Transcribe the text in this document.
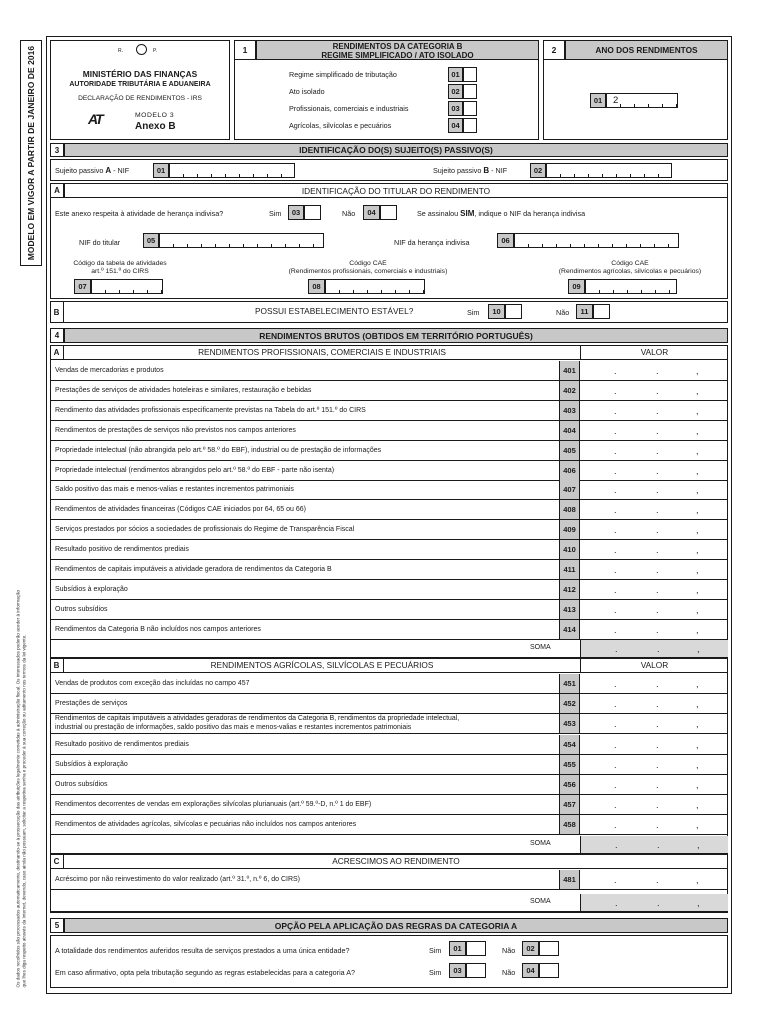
MODELO EM VIGOR A PARTIR DE JANEIRO DE 2016
Os dados recolhidos são processados automaticamente, destinando-se à prossecução das atribuições legalmente cometidas à administração fiscal. Os interessados poderão aceder à informação que lhes diga respeito através da Internet, devendo, caso ainda não possuam, solicitar a respetiva senha e proceder à sua correção ou aditamento nos termos da lei vigente.
R.	P.
MINISTÉRIO DAS FINANÇAS
AUTORIDADE TRIBUTÁRIA E ADUANEIRA
DECLARAÇÃO DE RENDIMENTOS - IRS
AT	MODELO 3
Anexo B
1	RENDIMENTOS DA CATEGORIA B
REGIME SIMPLIFICADO / ATO ISOLADO
Regime simplificado de tributação	01
Ato isolado	02
Profissionais, comerciais e industriais	03
Agrícolas, silvícolas e pecuários	04
2	ANO DOS RENDIMENTOS
01	2
3	IDENTIFICAÇÃO DO(S) SUJEITO(S) PASSIVO(S)
Sujeito passivo A - NIF	01	Sujeito passivo B - NIF	02
A	IDENTIFICAÇÃO DO TITULAR DO RENDIMENTO
Este anexo respeita à atividade de herança indivisa?	Sim	03	Não	04	Se assinalou SIM, indique o NIF da herança indivisa
NIF do titular	05	NIF da herança indivisa	06
Código da tabela de atividades
art.º 151.º do CIRS
07
Código CAE
(Rendimentos profissionais, comerciais e industriais)
08
Código CAE
(Rendimentos agrícolas, silvícolas e pecuários)
09
B	POSSUI ESTABELECIMENTO ESTÁVEL?	Sim	10	Não	11
4	RENDIMENTOS BRUTOS (OBTIDOS EM TERRITÓRIO PORTUGUÊS)
A	RENDIMENTOS PROFISSIONAIS, COMERCIAIS E INDUSTRIAIS	VALOR
Vendas de mercadorias e produtos	401	.	.	,
Prestações de serviços de atividades hoteleiras e similares, restauração e bebidas	402	.	.	,
Rendimento das atividades profissionais especificamente previstas na Tabela do art.º 151.º do CIRS	403	.	.	,
Rendimentos de prestações de serviços não previstos nos campos anteriores	404	.	.	,
Propriedade intelectual (não abrangida pelo art.º 58.º do EBF), industrial ou de prestação de informações	405	.	.	,
Propriedade intelectual (rendimentos abrangidos pelo art.º 58.º do EBF - parte não isenta)	406	.	.	,
Saldo positivo das mais e menos-valias e restantes incrementos patrimoniais	407	.	.	,
Rendimentos de atividades financeiras (Códigos CAE iniciados por 64, 65 ou 66)	408	.	.	,
Serviços prestados por sócios a sociedades de profissionais do Regime de Transparência Fiscal	409	.	.	,
Resultado positivo de rendimentos prediais	410	.	.	,
Rendimentos de capitais imputáveis a atividade geradora de rendimentos da Categoria B	411	.	.	,
Subsídios à exploração	412	.	.	,
Outros subsídios	413	.	.	,
Rendimentos da Categoria B não incluídos nos campos anteriores	414	.	.	,
SOMA	.	.	,
B	RENDIMENTOS AGRÍCOLAS, SILVÍCOLAS E PECUÁRIOS	VALOR
Vendas de produtos com exceção das incluídas no campo 457	451	.	.	,
Prestações de serviços	452	.	.	,
Rendimentos de capitais imputáveis a atividades geradoras de rendimentos da Categoria B, rendimentos da propriedade intelectual,
industrial ou prestação de informações, saldo positivo das mais e menos-valias e restantes incrementos patrimoniais	453	.	.	,
Resultado positivo de rendimentos prediais	454	.	.	,
Subsídios à exploração	455	.	.	,
Outros subsídios	456	.	.	,
Rendimentos decorrentes de vendas em explorações silvícolas plurianuais (art.º 59.º-D, n.º 1 do EBF)	457	.	.	,
Rendimentos de atividades agrícolas, silvícolas e pecuárias não incluídos nos campos anteriores	458	.	.	,
SOMA	.	.	,
C	ACRESCIMOS AO RENDIMENTO
Acréscimo por não reinvestimento do valor realizado (art.º 31.º, n.º 6, do CIRS)	481	.	.	,
SOMA	.	.	,
5	OPÇÃO PELA APLICAÇÃO DAS REGRAS DA CATEGORIA A
A totalidade dos rendimentos auferidos resulta de serviços prestados a uma única entidade?	Sim	01	Não	02
Em caso afirmativo, opta pela tributação segundo as regras estabelecidas para a categoria A?	Sim	03	Não	04
